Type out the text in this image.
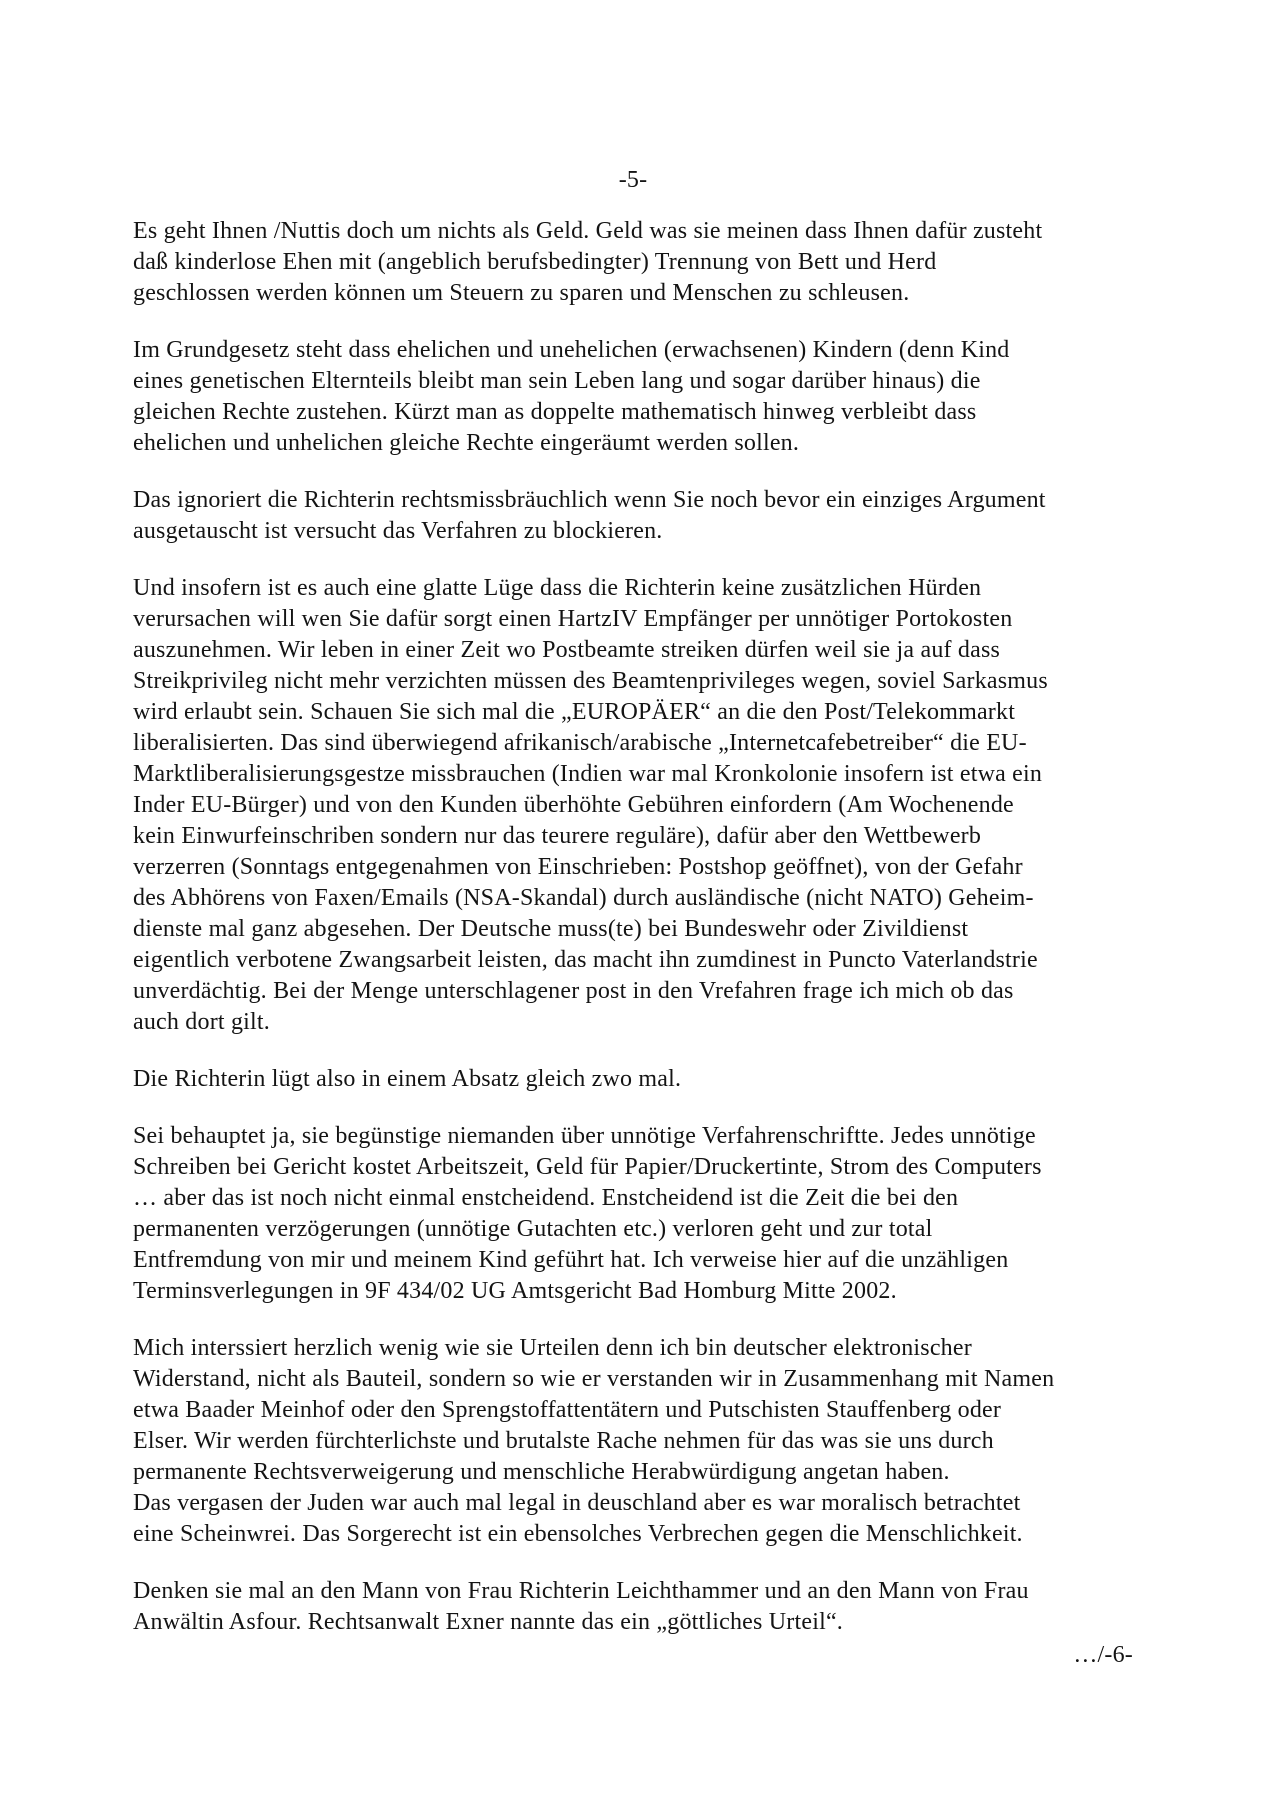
-5-

Es geht Ihnen /Nuttis doch um nichts als Geld. Geld was sie meinen dass Ihnen dafür zusteht
daß kinderlose Ehen mit (angeblich berufsbedingter) Trennung von Bett und Herd
geschlossen werden können um Steuern zu sparen und Menschen zu schleusen.

Im Grundgesetz steht dass ehelichen und unehelichen (erwachsenen) Kindern (denn Kind
eines genetischen Elternteils bleibt man sein Leben lang und sogar darüber hinaus) die
gleichen Rechte zustehen. Kürzt man as doppelte mathematisch hinweg verbleibt dass
ehelichen und unhelichen gleiche Rechte eingeräumt werden sollen.

Das ignoriert die Richterin rechtsmissbräuchlich wenn Sie noch bevor ein einziges Argument
ausgetauscht ist versucht das Verfahren zu blockieren.

Und insofern ist es auch eine glatte Lüge dass die Richterin keine zusätzlichen Hürden
verursachen will wen Sie dafür sorgt einen HartzIV Empfänger per unnötiger Portokosten
auszunehmen. Wir leben in einer Zeit wo Postbeamte streiken dürfen weil sie ja auf dass
Streikprivileg nicht mehr verzichten müssen des Beamtenprivileges wegen, soviel Sarkasmus
wird erlaubt sein. Schauen Sie sich mal die „EUROPÄER“ an die den Post/Telekommarkt
liberalisierten. Das sind überwiegend afrikanisch/arabische „Internetcafebetreiber“ die EU-
Marktliberalisierungsgestze missbrauchen (Indien war mal Kronkolonie insofern ist etwa ein
Inder EU-Bürger) und von den Kunden überhöhte Gebühren einfordern (Am Wochenende
kein Einwurfeinschriben sondern nur das teurere reguläre), dafür aber den Wettbewerb
verzerren (Sonntags entgegenahmen von Einschrieben: Postshop geöffnet), von der Gefahr
des Abhörens von Faxen/Emails (NSA-Skandal) durch ausländische (nicht NATO) Geheim-
dienste mal ganz abgesehen. Der Deutsche muss(te) bei Bundeswehr oder Zivildienst
eigentlich verbotene Zwangsarbeit leisten, das macht ihn zumdinest in Puncto Vaterlandstrie
unverdächtig. Bei der Menge unterschlagener post in den Vrefahren frage ich mich ob das
auch dort gilt.

Die Richterin lügt also in einem Absatz gleich zwo mal.

Sei behauptet ja, sie begünstige niemanden über unnötige Verfahrenschriftte. Jedes unnötige
Schreiben bei Gericht kostet Arbeitszeit, Geld für Papier/Druckertinte, Strom des Computers
… aber das ist noch nicht einmal enstcheidend. Enstcheidend ist die Zeit die bei den
permanenten verzögerungen (unnötige Gutachten etc.) verloren geht und zur total
Entfremdung von mir und meinem Kind geführt hat. Ich verweise hier auf die unzähligen
Terminsverlegungen in 9F 434/02 UG Amtsgericht Bad Homburg Mitte 2002.

Mich interssiert herzlich wenig wie sie Urteilen denn ich bin deutscher elektronischer
Widerstand, nicht als Bauteil, sondern so wie er verstanden wir in Zusammenhang mit Namen
etwa Baader Meinhof oder den Sprengstoffattentätern und Putschisten Stauffenberg oder
Elser. Wir werden fürchterlichste und brutalste Rache nehmen für das was sie uns durch
permanente Rechtsverweigerung und menschliche Herabwürdigung angetan haben.
Das vergasen der Juden war auch mal legal in deuschland aber es war moralisch betrachtet
eine Scheinwrei. Das Sorgerecht ist ein ebensolches Verbrechen gegen die Menschlichkeit.

Denken sie mal an den Mann von Frau Richterin Leichthammer und an den Mann von Frau
Anwältin Asfour. Rechtsanwalt Exner nannte das ein „göttliches Urteil“.

…/-6-
